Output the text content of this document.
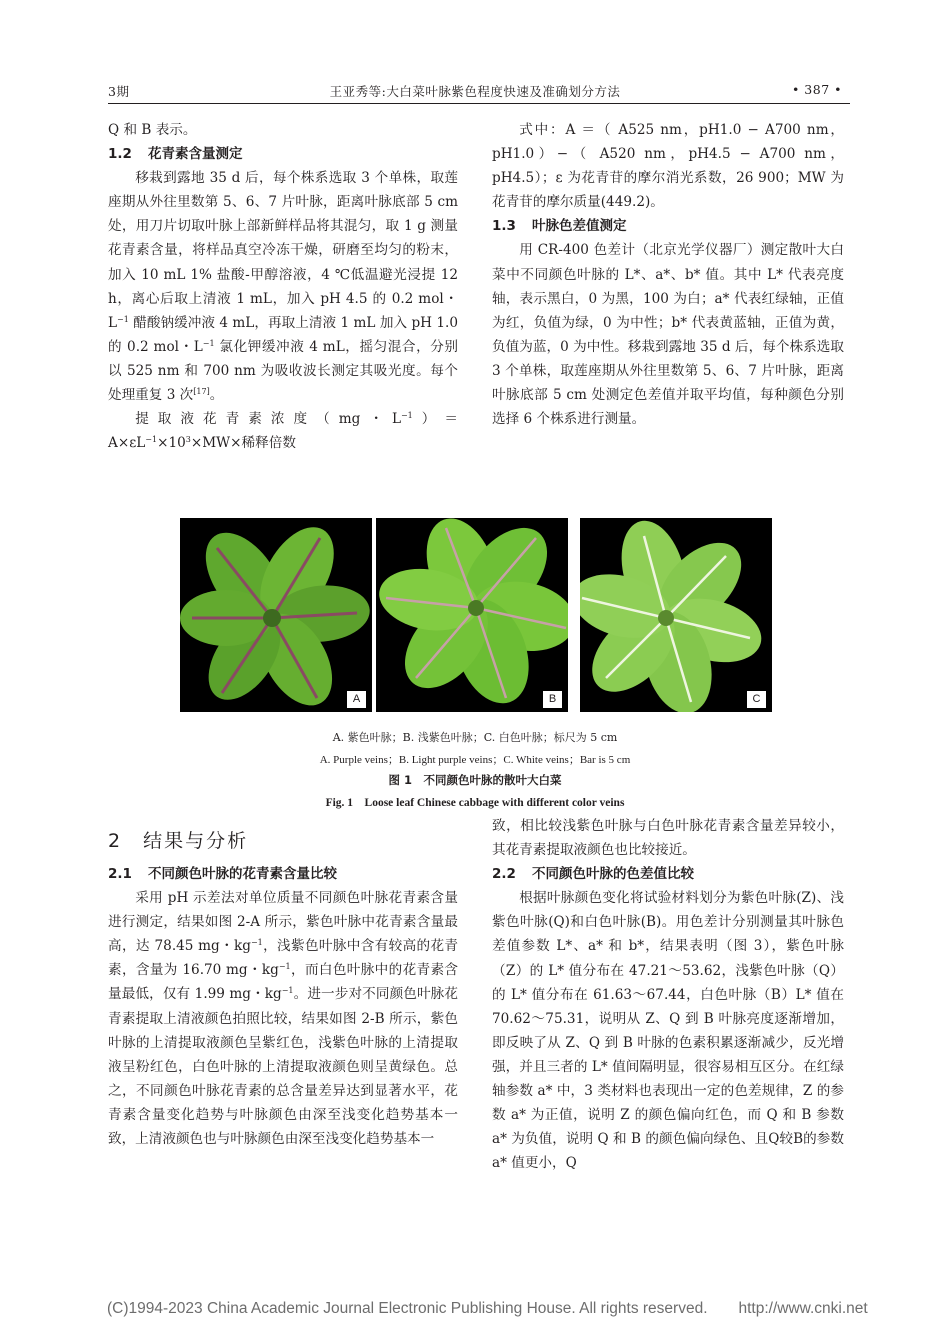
3期	王亚秀等:大白菜叶脉紫色程度快速及准确划分方法	• 387 •

Q 和 B 表示。

1.2 花青素含量测定

移栽到露地 35 d 后，每个株系选取 3 个单株，取莲座期从外往里数第 5、6、7 片叶脉，距离叶脉底部 5 cm 处，用刀片切取叶脉上部新鲜样品将其混匀，取 1 g 测量花青素含量，将样品真空冷冻干燥，研磨至均匀的粉末，加入 10 mL 1% 盐酸-甲醇溶液，4 ℃低温避光浸提 12 h，离心后取上清液 1 mL，加入 pH 4.5 的 0.2 mol・$L^{-1}$ 醋酸钠缓冲液 4 mL，再取上清液 1 mL 加入 pH 1.0 的 0.2 mol・$L^{-1}$ 氯化钾缓冲液 4 mL，摇匀混合，分别以 525 nm 和 700 nm 为吸收波长测定其吸光度。每个处理重复 3 次[17]。

提取液花青素浓度（mg・$L^{-1})= A\times\varepsilon L^{-1}\times 10^3\times MW\times$稀释倍数

式中：A ＝（ A525 nm，pH1.0 − A700 nm，pH1.0）−（ A520 nm，pH4.5 − A700 nm，pH4.5）；ε 为花青苷的摩尔消光系数，26 900；MW 为花青苷的摩尔质量(449.2)。

1.3 叶脉色差值测定

用 CR-400 色差计（北京光学仪器厂）测定散叶大白菜中不同颜色叶脉的 L*、a*、b* 值。其中 L* 代表亮度轴，表示黑白，0 为黑，100 为白；a* 代表红绿轴，正值为红，负值为绿，0 为中性；b* 代表黄蓝轴，正值为黄，负值为蓝，0 为中性。移栽到露地 35 d 后，每个株系选取 3 个单株，取莲座期从外往里数第 5、6、7 片叶脉，距离叶脉底部 5 cm 处测定色差值并取平均值，每种颜色分别选择 6 个株系进行测量。

A	B	C
A. 紫色叶脉；B. 浅紫色叶脉；C. 白色叶脉；标尺为 5 cm
A. Purple veins；B. Light purple veins；C. White veins；Bar is 5 cm
图 1　不同颜色叶脉的散叶大白菜
Fig. 1　Loose leaf Chinese cabbage with different color veins
2　结果与分析

2.1 不同颜色叶脉的花青素含量比较

采用 pH 示差法对单位质量不同颜色叶脉花青素含量进行测定，结果如图 2-A 所示，紫色叶脉中花青素含量最高，达 78.45 mg・$kg^{-1}$，浅紫色叶脉中含有较高的花青素，含量为 16.70 mg・$kg^{-1}$，而白色叶脉中的花青素含量最低，仅有 1.99 mg・$kg^{-1}$。进一步对不同颜色叶脉花青素提取上清液颜色拍照比较，结果如图 2-B 所示，紫色叶脉的上清提取液颜色呈紫红色，浅紫色叶脉的上清提取液呈粉红色，白色叶脉的上清提取液颜色则呈黄绿色。总之，不同颜色叶脉花青素的总含量差异达到显著水平，花青素含量变化趋势与叶脉颜色由深至浅变化趋势基本一致，上清液颜色也与叶脉颜色由深至浅变化趋势基本一

致，相比较浅紫色叶脉与白色叶脉花青素含量差异较小，其花青素提取液颜色也比较接近。

2.2 不同颜色叶脉的色差值比较

根据叶脉颜色变化将试验材料划分为紫色叶脉(Z)、浅紫色叶脉(Q)和白色叶脉(B)。用色差计分别测量其叶脉色差值参数 L*、a* 和 b*，结果表明（图 3），紫色叶脉（Z）的 L* 值分布在 47.21～53.62，浅紫色叶脉（Q）的 L* 值分布在 61.63～67.44，白色叶脉（B）L* 值在 70.62～75.31，说明从 Z、Q 到 B 叶脉亮度逐渐增加，即反映了从 Z、Q 到 B 叶脉的色素积累逐渐减少，反光增强，并且三者的 L* 值间隔明显，很容易相互区分。在红绿轴参数 a* 中，3 类材料也表现出一定的色差规律，Z 的参数 a* 为正值，说明 Z 的颜色偏向红色，而 Q 和 B 参数 a* 为负值，说明 Q 和 B 的颜色偏向绿色、且Q较B的参数a* 值更小，Q

(C)1994-2023 China Academic Journal Electronic Publishing House. All rights reserved.　　http://www.cnki.net
